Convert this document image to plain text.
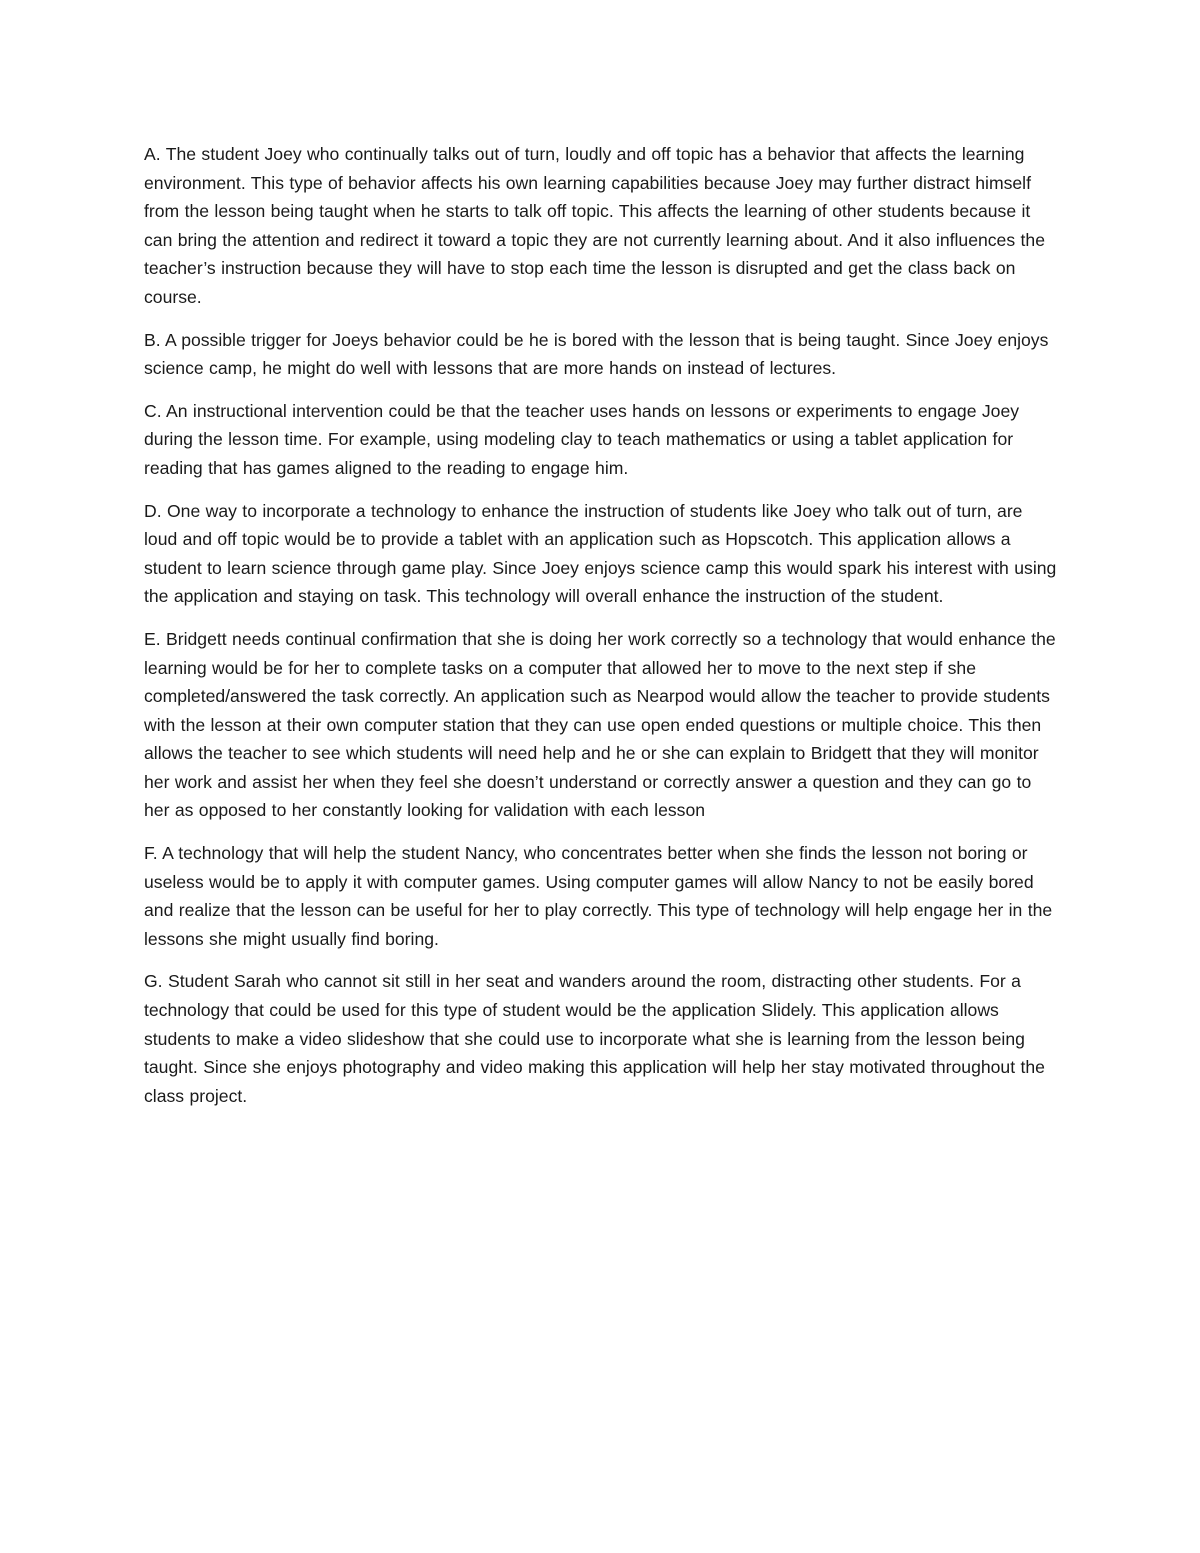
A. The student Joey who continually talks out of turn, loudly and off topic has a behavior that affects the learning environment. This type of behavior affects his own learning capabilities because Joey may further distract himself from the lesson being taught when he starts to talk off topic. This affects the learning of other students because it can bring the attention and redirect it toward a topic they are not currently learning about. And it also influences the teacher’s instruction because they will have to stop each time the lesson is disrupted and get the class back on course.

B. A possible trigger for Joeys behavior could be he is bored with the lesson that is being taught. Since Joey enjoys science camp, he might do well with lessons that are more hands on instead of lectures.

C. An instructional intervention could be that the teacher uses hands on lessons or experiments to engage Joey during the lesson time. For example, using modeling clay to teach mathematics or using a tablet application for reading that has games aligned to the reading to engage him.

D. One way to incorporate a technology to enhance the instruction of students like Joey who talk out of turn, are loud and off topic would be to provide a tablet with an application such as Hopscotch. This application allows a student to learn science through game play. Since Joey enjoys science camp this would spark his interest with using the application and staying on task. This technology will overall enhance the instruction of the student.

E. Bridgett needs continual confirmation that she is doing her work correctly so a technology that would enhance the learning would be for her to complete tasks on a computer that allowed her to move to the next step if she completed/answered the task correctly. An application such as Nearpod would allow the teacher to provide students with the lesson at their own computer station that they can use open ended questions or multiple choice. This then allows the teacher to see which students will need help and he or she can explain to Bridgett that they will monitor her work and assist her when they feel she doesn’t understand or correctly answer a question and they can go to her as opposed to her constantly looking for validation with each lesson

F. A technology that will help the student Nancy, who concentrates better when she finds the lesson not boring or useless would be to apply it with computer games. Using computer games will allow Nancy to not be easily bored and realize that the lesson can be useful for her to play correctly. This type of technology will help engage her in the lessons she might usually find boring.

G. Student Sarah who cannot sit still in her seat and wanders around the room, distracting other students. For a technology that could be used for this type of student would be the application Slidely. This application allows students to make a video slideshow that she could use to incorporate what she is learning from the lesson being taught. Since she enjoys photography and video making this application will help her stay motivated throughout the class project.
